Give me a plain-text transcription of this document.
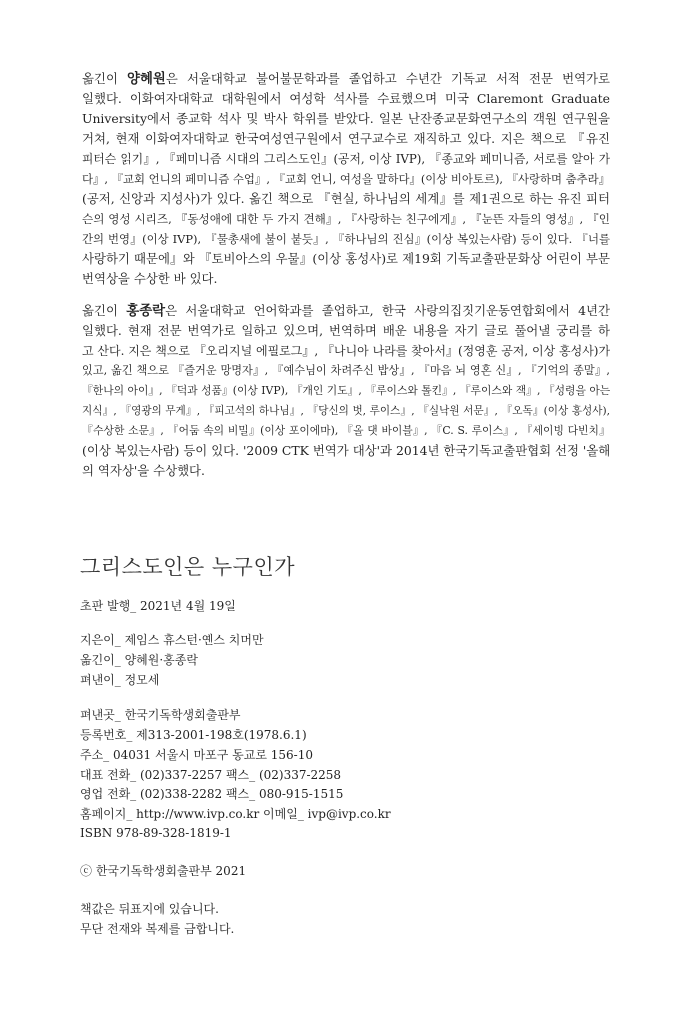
옮긴이 양혜원은 서울대학교 불어불문학과를 졸업하고 수년간 기독교 서적 전문 번역가로
일했다. 이화여자대학교 대학원에서 여성학 석사를 수료했으며 미국 Claremont Graduate
University에서 종교학 석사 및 박사 학위를 받았다. 일본 난잔종교문화연구소의 객원 연구원을
거쳐, 현재 이화여자대학교 한국여성연구원에서 연구교수로 재직하고 있다. 지은 책으로 『유진
피터슨 읽기』, 『페미니즘 시대의 그리스도인』(공저, 이상 IVP), 『종교와 페미니즘, 서로를 알아 가
다』, 『교회 언니의 페미니즘 수업』, 『교회 언니, 여성을 말하다』(이상 비아토르), 『사랑하며 춤추라』
(공저, 신앙과 지성사)가 있다. 옮긴 책으로 『현실, 하나님의 세계』를 제1권으로 하는 유진 피터
슨의 영성 시리즈, 『동성애에 대한 두 가지 견해』, 『사랑하는 친구에게』, 『눈뜬 자들의 영성』, 『인
간의 번영』(이상 IVP), 『물총새에 불이 붙듯』, 『하나님의 진심』(이상 복있는사람) 등이 있다. 『너를
사랑하기 때문에』와 『토비아스의 우물』(이상 홍성사)로 제19회 기독교출판문화상 어린이 부문
번역상을 수상한 바 있다.
옮긴이 홍종락은 서울대학교 언어학과를 졸업하고, 한국 사랑의집짓기운동연합회에서 4년간
일했다. 현재 전문 번역가로 일하고 있으며, 번역하며 배운 내용을 자기 글로 풀어낼 궁리를 하
고 산다. 지은 책으로 『오리지널 에필로그』, 『나니아 나라를 찾아서』(정영훈 공저, 이상 홍성사)가
있고, 옮긴 책으로 『즐거운 망명자』, 『예수님이 차려주신 밥상』, 『마음 뇌 영혼 신』, 『기억의 종말』,
『한나의 아이』, 『덕과 성품』(이상 IVP), 『개인 기도』, 『루이스와 톨킨』, 『루이스와 잭』, 『성령을 아는
지식』, 『영광의 무게』, 『피고석의 하나님』, 『당신의 벗, 루이스』, 『실낙원 서문』, 『오독』(이상 홍성사),
『수상한 소문』, 『어둠 속의 비밀』(이상 포이에마), 『올 댓 바이블』, 『C. S. 루이스』, 『세이빙 다빈치』
(이상 복있는사람) 등이 있다. '2009 CTK 번역가 대상'과 2014년 한국기독교출판협회 선정 '올해
의 역자상'을 수상했다.
그리스도인은 누구인가
초판 발행_ 2021년 4월 19일
지은이_ 제임스 휴스턴·옌스 치머만
옮긴이_ 양혜원·홍종락
펴낸이_ 정모세
펴낸곳_ 한국기독학생회출판부
등록번호_ 제313-2001-198호(1978.6.1)
주소_ 04031 서울시 마포구 동교로 156-10
대표 전화_ (02)337-2257 팩스_ (02)337-2258
영업 전화_ (02)338-2282 팩스_ 080-915-1515
홈페이지_ http://www.ivp.co.kr 이메일_ ivp@ivp.co.kr
ISBN 978-89-328-1819-1
ⓒ 한국기독학생회출판부 2021
책값은 뒤표지에 있습니다.
무단 전재와 복제를 금합니다.
